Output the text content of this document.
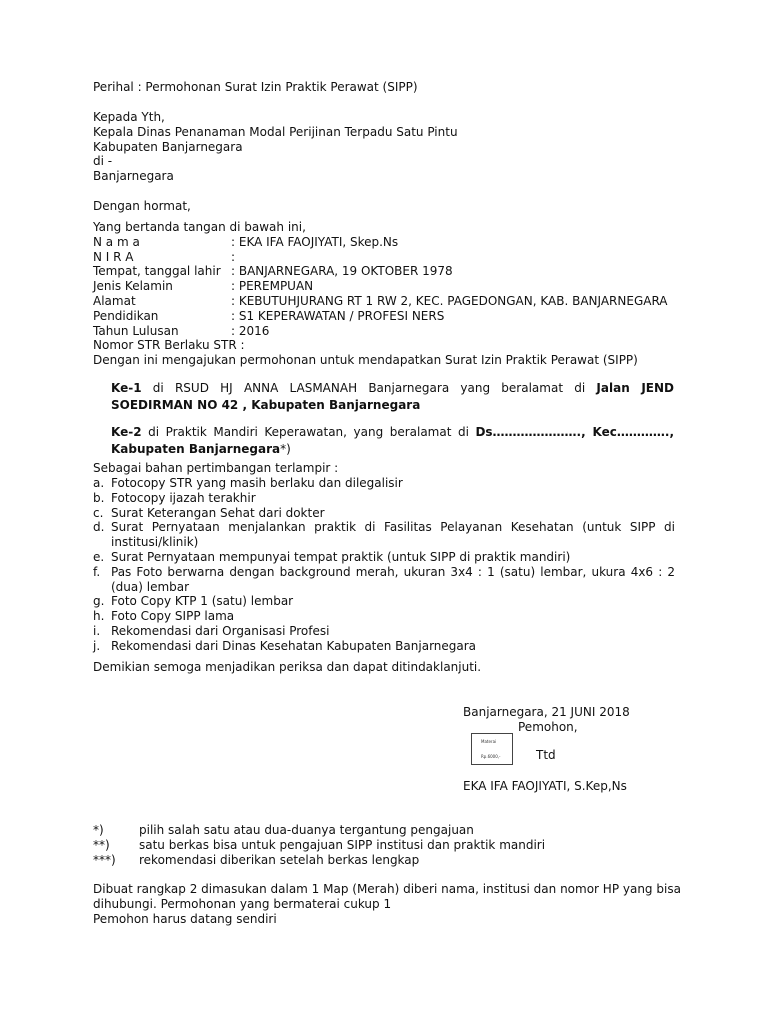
Perihal : Permohonan Surat Izin Praktik Perawat (SIPP)
Kepada Yth,
Kepala Dinas Penanaman Modal Perijinan Terpadu Satu Pintu
Kabupaten Banjarnegara
di -
Banjarnegara
Dengan hormat,
Yang bertanda tangan di bawah ini,
N a m a	: EKA IFA FAOJIYATI, Skep.Ns
N I R A	:
Tempat, tanggal lahir : BANJARNEGARA, 19 OKTOBER 1978
Jenis Kelamin	: PEREMPUAN
Alamat	: KEBUTUHJURANG RT 1 RW 2, KEC. PAGEDONGAN, KAB. BANJARNEGARA
Pendidikan	: S1 KEPERAWATAN / PROFESI NERS
Tahun Lulusan	: 2016
Nomor STR Berlaku STR :
Dengan ini mengajukan permohonan untuk mendapatkan Surat Izin Praktik Perawat (SIPP)
Ke-1 di RSUD HJ ANNA LASMANAH Banjarnegara yang beralamat di Jalan JEND SOEDIRMAN NO 42 , Kabupaten Banjarnegara
Ke-2 di Praktik Mandiri Keperawatan, yang beralamat di Ds…………………., Kec…………., Kabupaten Banjarnegara*)
Sebagai bahan pertimbangan terlampir :
a. Fotocopy STR yang masih berlaku dan dilegalisir
b. Fotocopy ijazah terakhir
c. Surat Keterangan Sehat dari dokter
d. Surat Pernyataan menjalankan praktik di Fasilitas Pelayanan Kesehatan (untuk SIPP di institusi/klinik)
e. Surat Pernyataan mempunyai tempat praktik (untuk SIPP di praktik mandiri)
f. Pas Foto berwarna dengan background merah, ukuran 3x4 : 1 (satu) lembar, ukura 4x6 : 2 (dua) lembar
g. Foto Copy KTP 1 (satu) lembar
h. Foto Copy SIPP lama
i. Rekomendasi dari Organisasi Profesi
j. Rekomendasi dari Dinas Kesehatan Kabupaten Banjarnegara
Demikian semoga menjadikan periksa dan dapat ditindaklanjuti.
Banjarnegara, 21 JUNI 2018
Pemohon,
Materai
Rp.6000,-	Ttd
EKA IFA FAOJIYATI, S.Kep,Ns
*)	pilih salah satu atau dua-duanya tergantung pengajuan
**) satu berkas bisa untuk pengajuan SIPP institusi dan praktik mandiri
***) rekomendasi diberikan setelah berkas lengkap
Dibuat rangkap 2 dimasukan dalam 1 Map (Merah) diberi nama, institusi dan nomor HP yang bisa
dihubungi. Permohonan yang bermaterai cukup 1
Pemohon harus datang sendiri
